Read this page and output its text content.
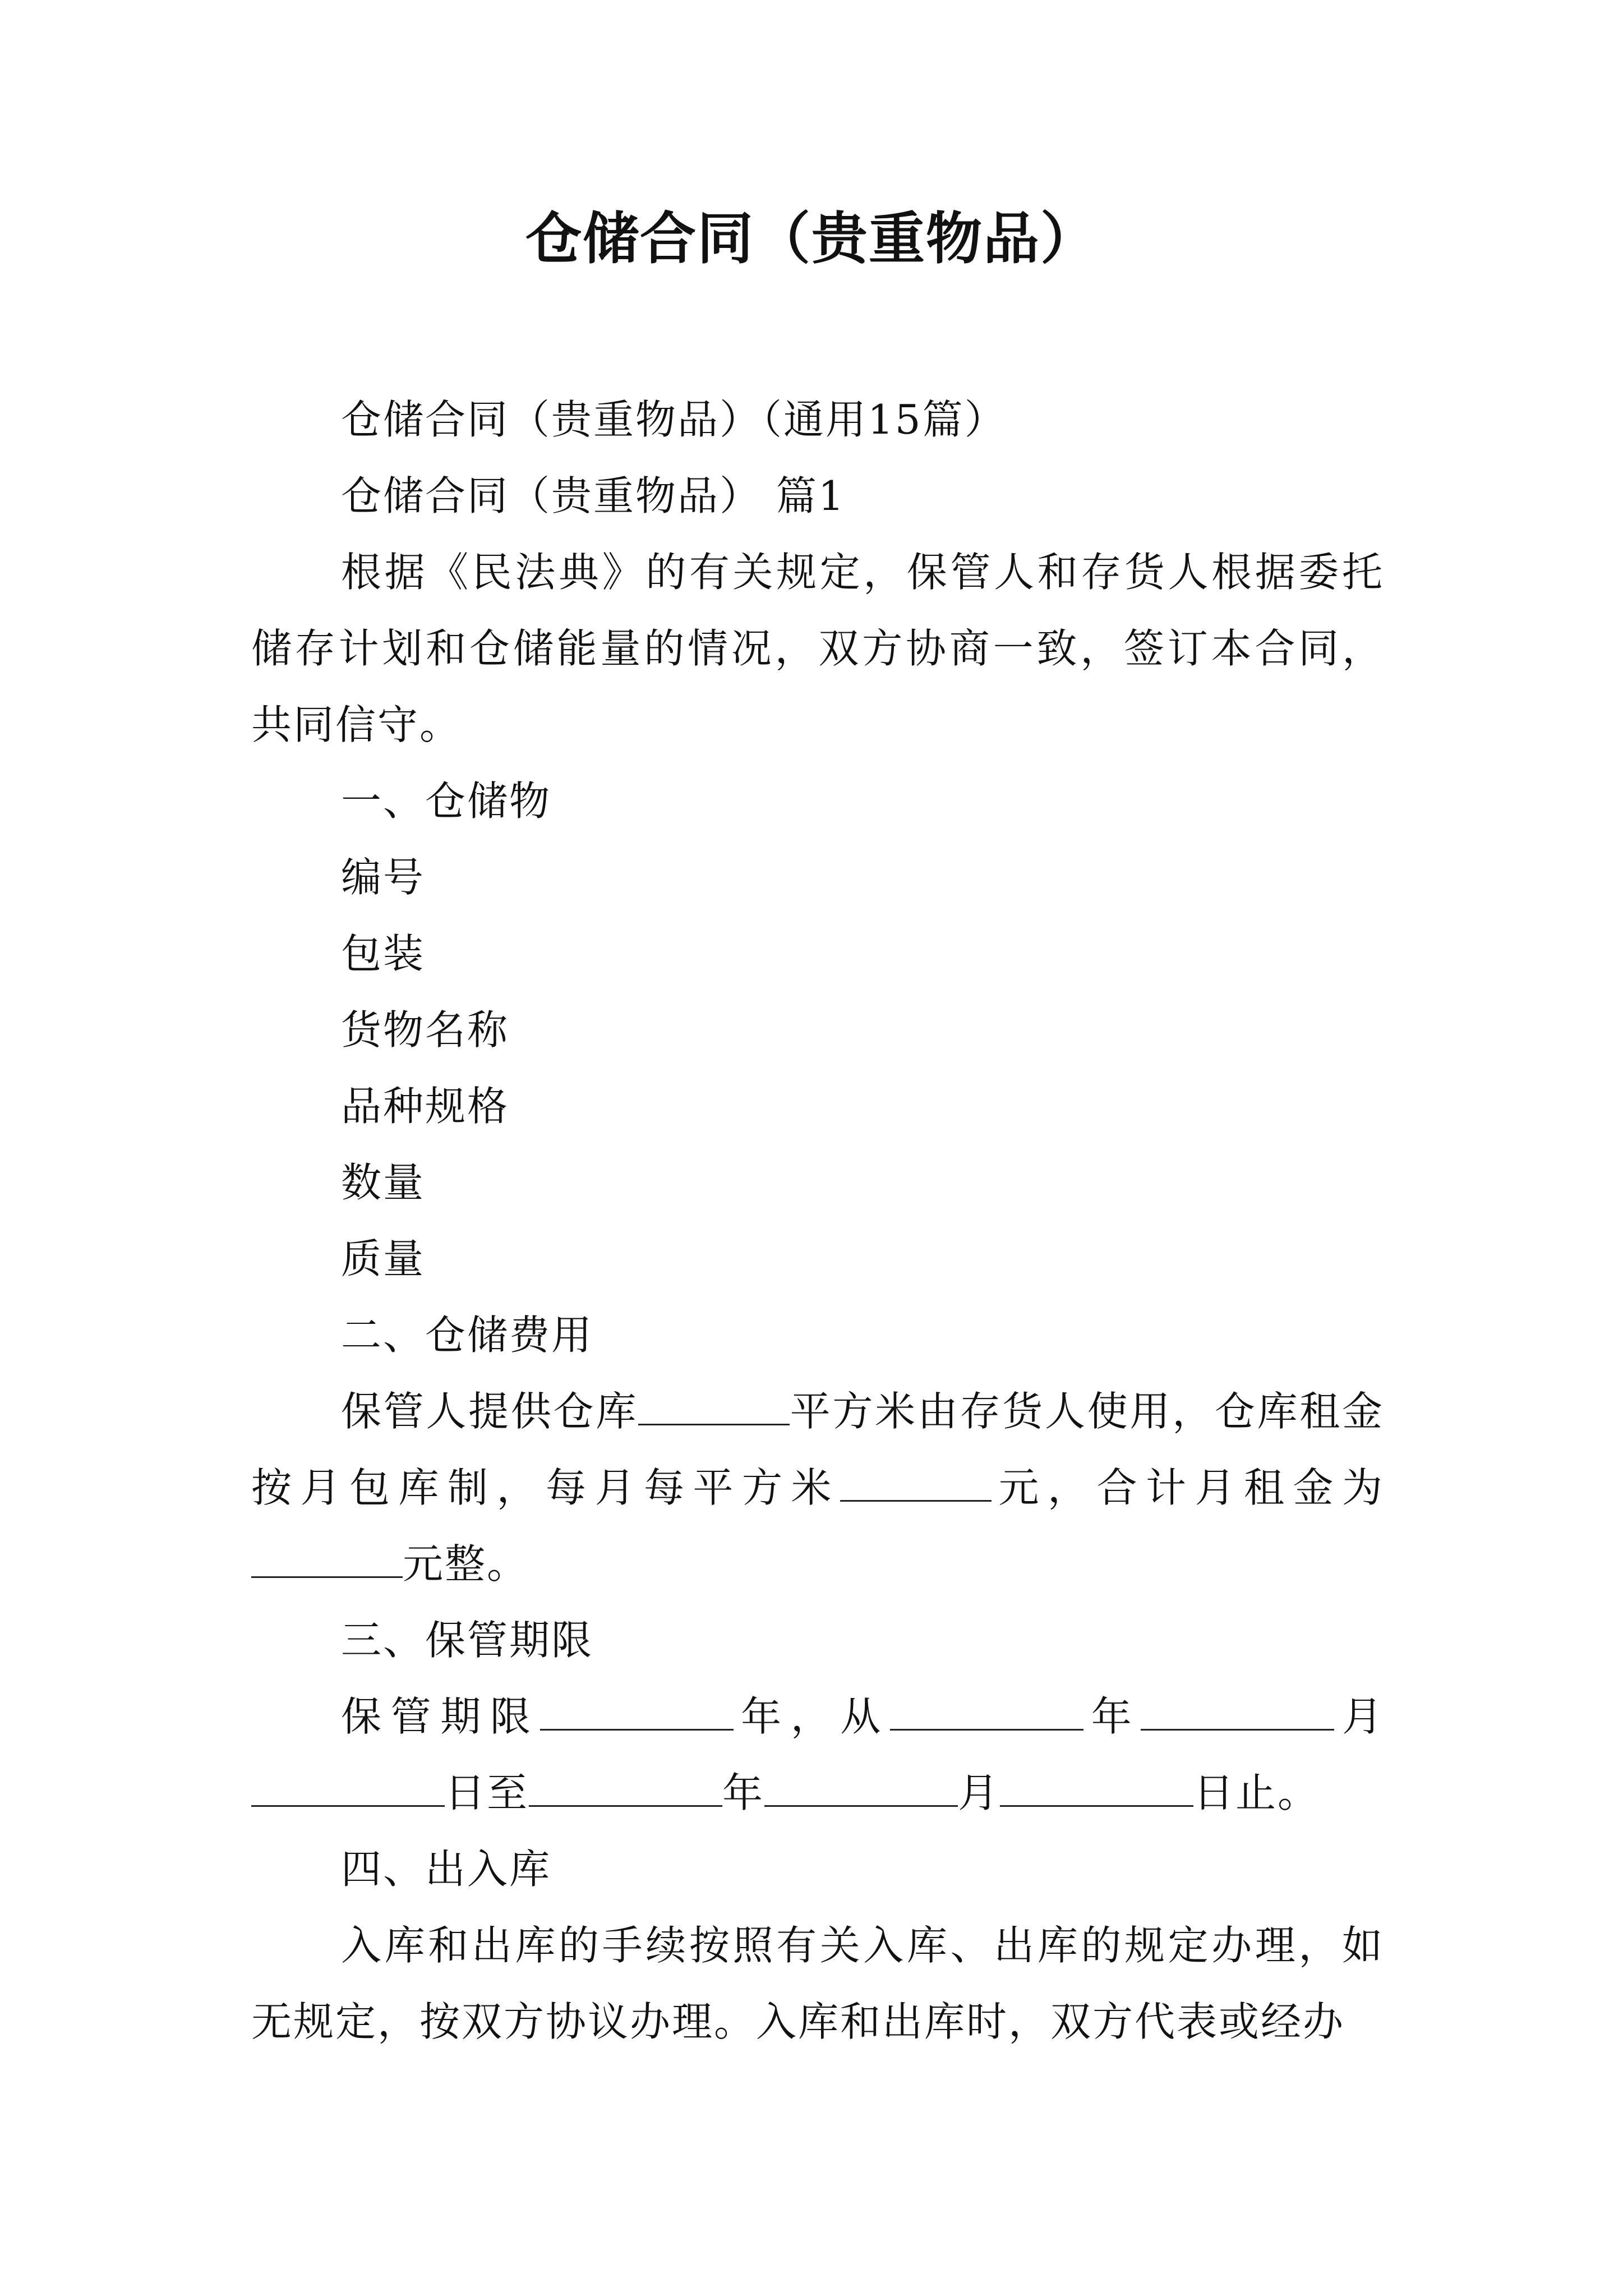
仓储合同（贵重物品）

仓储合同（贵重物品）（通用15篇）

仓储合同（贵重物品） 篇1

根据《民法典》的有关规定，保管人和存货人根据委托储存计划和仓储能量的情况，双方协商一致，签订本合同，共同信守。

一、仓储物

编号

包装

货物名称

品种规格

数量

质量

二、仓储费用

保管人提供仓库	平方米由存货人使用，仓库租金按月包库制，每月每平方米	元，合计月租金为元整。

三、保管期限

保管期限	年，从	年	月日至	年	月	日止。

四、出入库

入库和出库的手续按照有关入库、出库的规定办理，如无规定，按双方协议办理。入库和出库时，双方代表或经办
